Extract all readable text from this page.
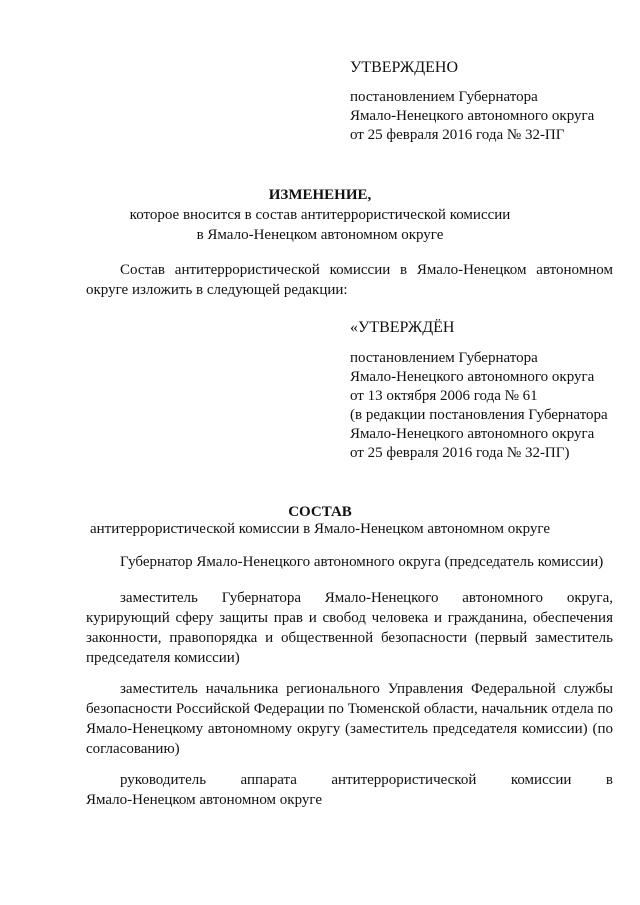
УТВЕРЖДЕНО
постановлением Губернатора
Ямало-Ненецкого автономного округа
от 25 февраля 2016 года № 32-ПГ
ИЗМЕНЕНИЕ,
которое вносится в состав антитеррористической комиссии
в Ямало-Ненецком автономном округе
Состав антитеррористической комиссии в Ямало-Ненецком автономном
округе изложить в следующей редакции:
«УТВЕРЖДЁН
постановлением Губернатора
Ямало-Ненецкого автономного округа
от 13 октября 2006 года № 61
(в редакции постановления Губернатора
Ямало-Ненецкого автономного округа
от 25 февраля 2016 года № 32-ПГ)
СОСТАВ
антитеррористической комиссии в Ямало-Ненецком автономном округе
Губернатор Ямало-Ненецкого автономного округа (председатель комиссии)
заместитель Губернатора Ямало-Ненецкого автономного округа,
курирующий сферу защиты прав и свобод человека и гражданина, обеспечения
законности, правопорядка и общественной безопасности (первый заместитель
председателя комиссии)
заместитель начальника регионального Управления Федеральной службы
безопасности Российской Федерации по Тюменской области, начальник отдела по
Ямало-Ненецкому автономному округу (заместитель председателя комиссии) (по
согласованию)
руководитель аппарата антитеррористической комиссии в
Ямало-Ненецком автономном округе
